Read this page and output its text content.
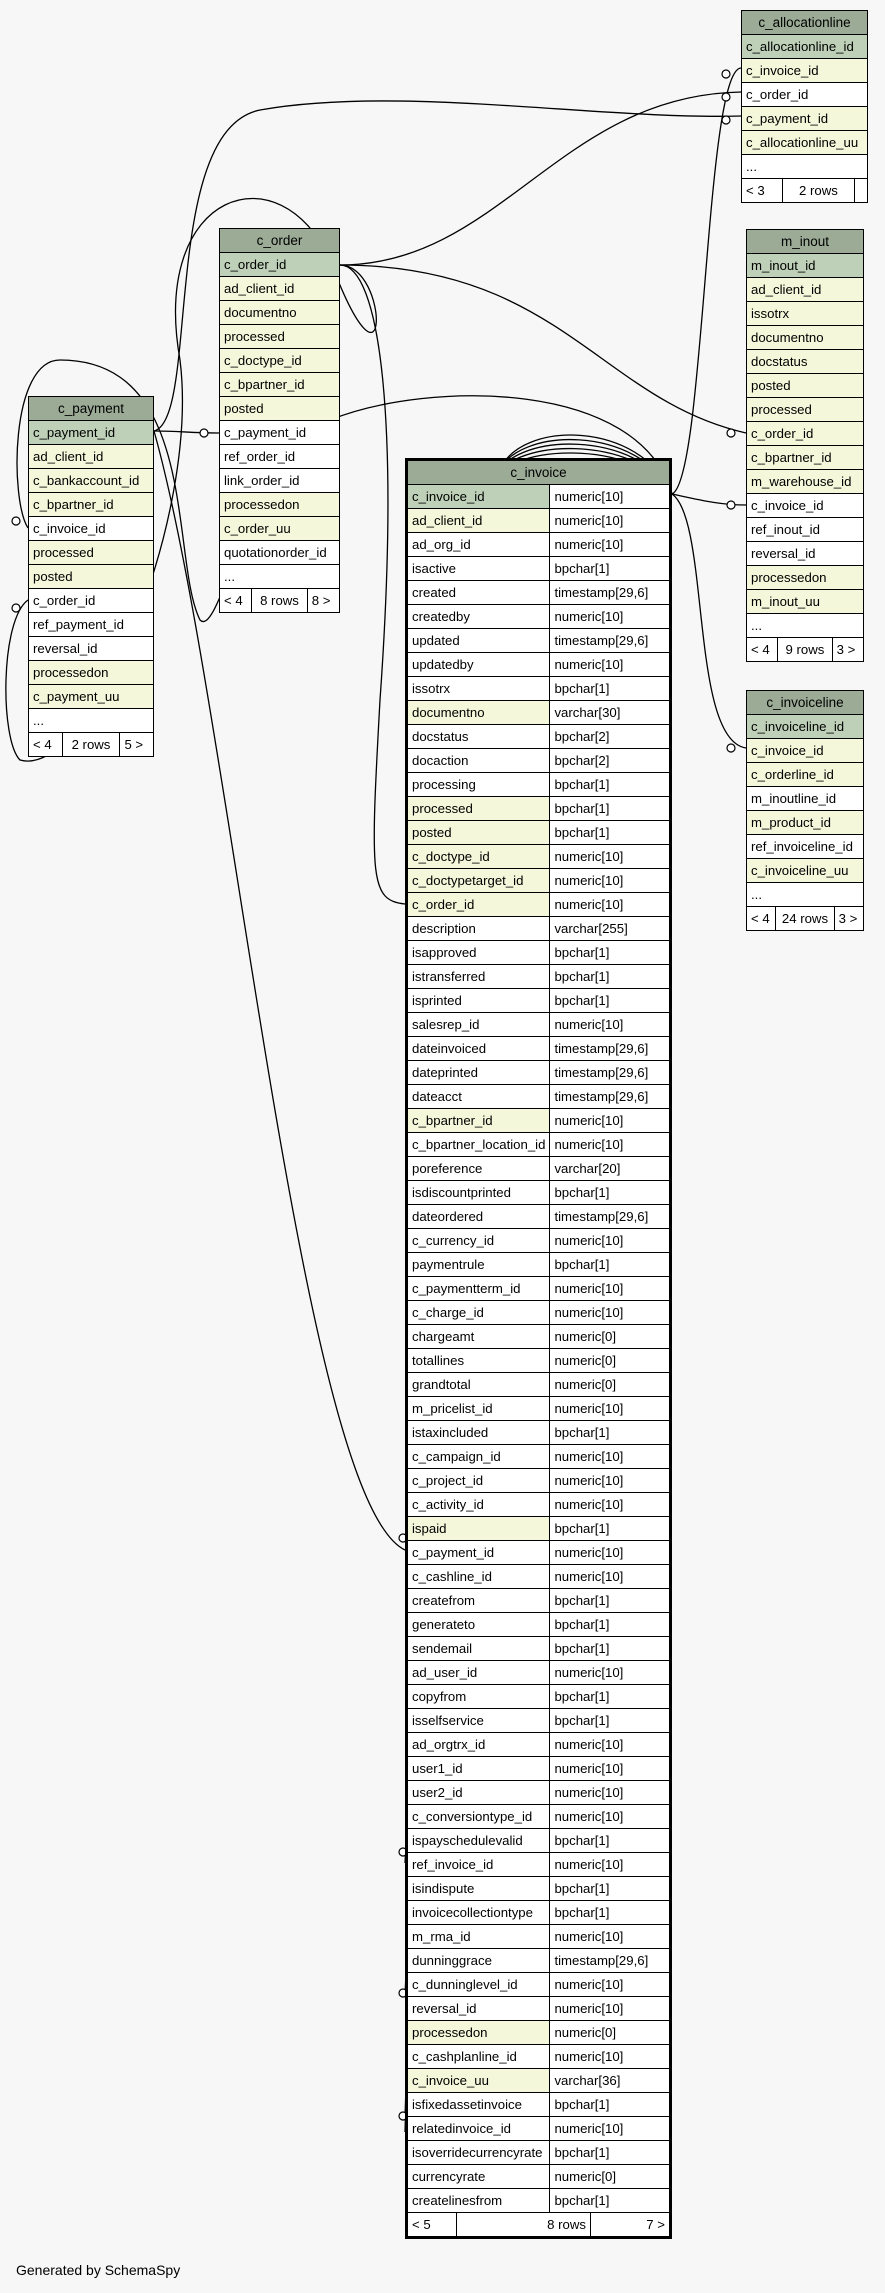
c_allocationline
c_allocationline_id
c_invoice_id
c_order_id
c_payment_id
c_allocationline_uu
...
< 3	2 rows	
c_order
c_order_id
ad_client_id
documentno
processed
c_doctype_id
c_bpartner_id
posted
c_payment_id
ref_order_id
link_order_id
processedon
c_order_uu
quotationorder_id
...
< 4	8 rows	8 >
m_inout
m_inout_id
ad_client_id
issotrx
documentno
docstatus
posted
processed
c_order_id
c_bpartner_id
m_warehouse_id
c_invoice_id
ref_inout_id
reversal_id
processedon
m_inout_uu
...
< 4	9 rows	3 >
c_payment
c_payment_id
ad_client_id
c_bankaccount_id
c_bpartner_id
c_invoice_id
processed
posted
c_order_id
ref_payment_id
reversal_id
processedon
c_payment_uu
...
< 4	2 rows	5 >
c_invoiceline
c_invoiceline_id
c_invoice_id
c_orderline_id
m_inoutline_id
m_product_id
ref_invoiceline_id
c_invoiceline_uu
...
< 4	24 rows	3 >
c_invoice	
c_invoice_id	numeric[10]
ad_client_id	numeric[10]
ad_org_id	numeric[10]
isactive	bpchar[1]
created	timestamp[29,6]
createdby	numeric[10]
updated	timestamp[29,6]
updatedby	numeric[10]
issotrx	bpchar[1]
documentno	varchar[30]
docstatus	bpchar[2]
docaction	bpchar[2]
processing	bpchar[1]
processed	bpchar[1]
posted	bpchar[1]
c_doctype_id	numeric[10]
c_doctypetarget_id	numeric[10]
c_order_id	numeric[10]
description	varchar[255]
isapproved	bpchar[1]
istransferred	bpchar[1]
isprinted	bpchar[1]
salesrep_id	numeric[10]
dateinvoiced	timestamp[29,6]
dateprinted	timestamp[29,6]
dateacct	timestamp[29,6]
c_bpartner_id	numeric[10]
c_bpartner_location_id	numeric[10]
poreference	varchar[20]
isdiscountprinted	bpchar[1]
dateordered	timestamp[29,6]
c_currency_id	numeric[10]
paymentrule	bpchar[1]
c_paymentterm_id	numeric[10]
c_charge_id	numeric[10]
chargeamt	numeric[0]
totallines	numeric[0]
grandtotal	numeric[0]
m_pricelist_id	numeric[10]
istaxincluded	bpchar[1]
c_campaign_id	numeric[10]
c_project_id	numeric[10]
c_activity_id	numeric[10]
ispaid	bpchar[1]
c_payment_id	numeric[10]
c_cashline_id	numeric[10]
createfrom	bpchar[1]
generateto	bpchar[1]
sendemail	bpchar[1]
ad_user_id	numeric[10]
copyfrom	bpchar[1]
isselfservice	bpchar[1]
ad_orgtrx_id	numeric[10]
user1_id	numeric[10]
user2_id	numeric[10]
c_conversiontype_id	numeric[10]
ispayschedulevalid	bpchar[1]
ref_invoice_id	numeric[10]
isindispute	bpchar[1]
invoicecollectiontype	bpchar[1]
m_rma_id	numeric[10]
dunninggrace	timestamp[29,6]
c_dunninglevel_id	numeric[10]
reversal_id	numeric[10]
processedon	numeric[0]
c_cashplanline_id	numeric[10]
c_invoice_uu	varchar[36]
isfixedassetinvoice	bpchar[1]
relatedinvoice_id	numeric[10]
isoverridecurrencyrate	bpchar[1]
currencyrate	numeric[0]
createlinesfrom	bpchar[1]

< 5 8 rows 7 >	
Generated by SchemaSpy
